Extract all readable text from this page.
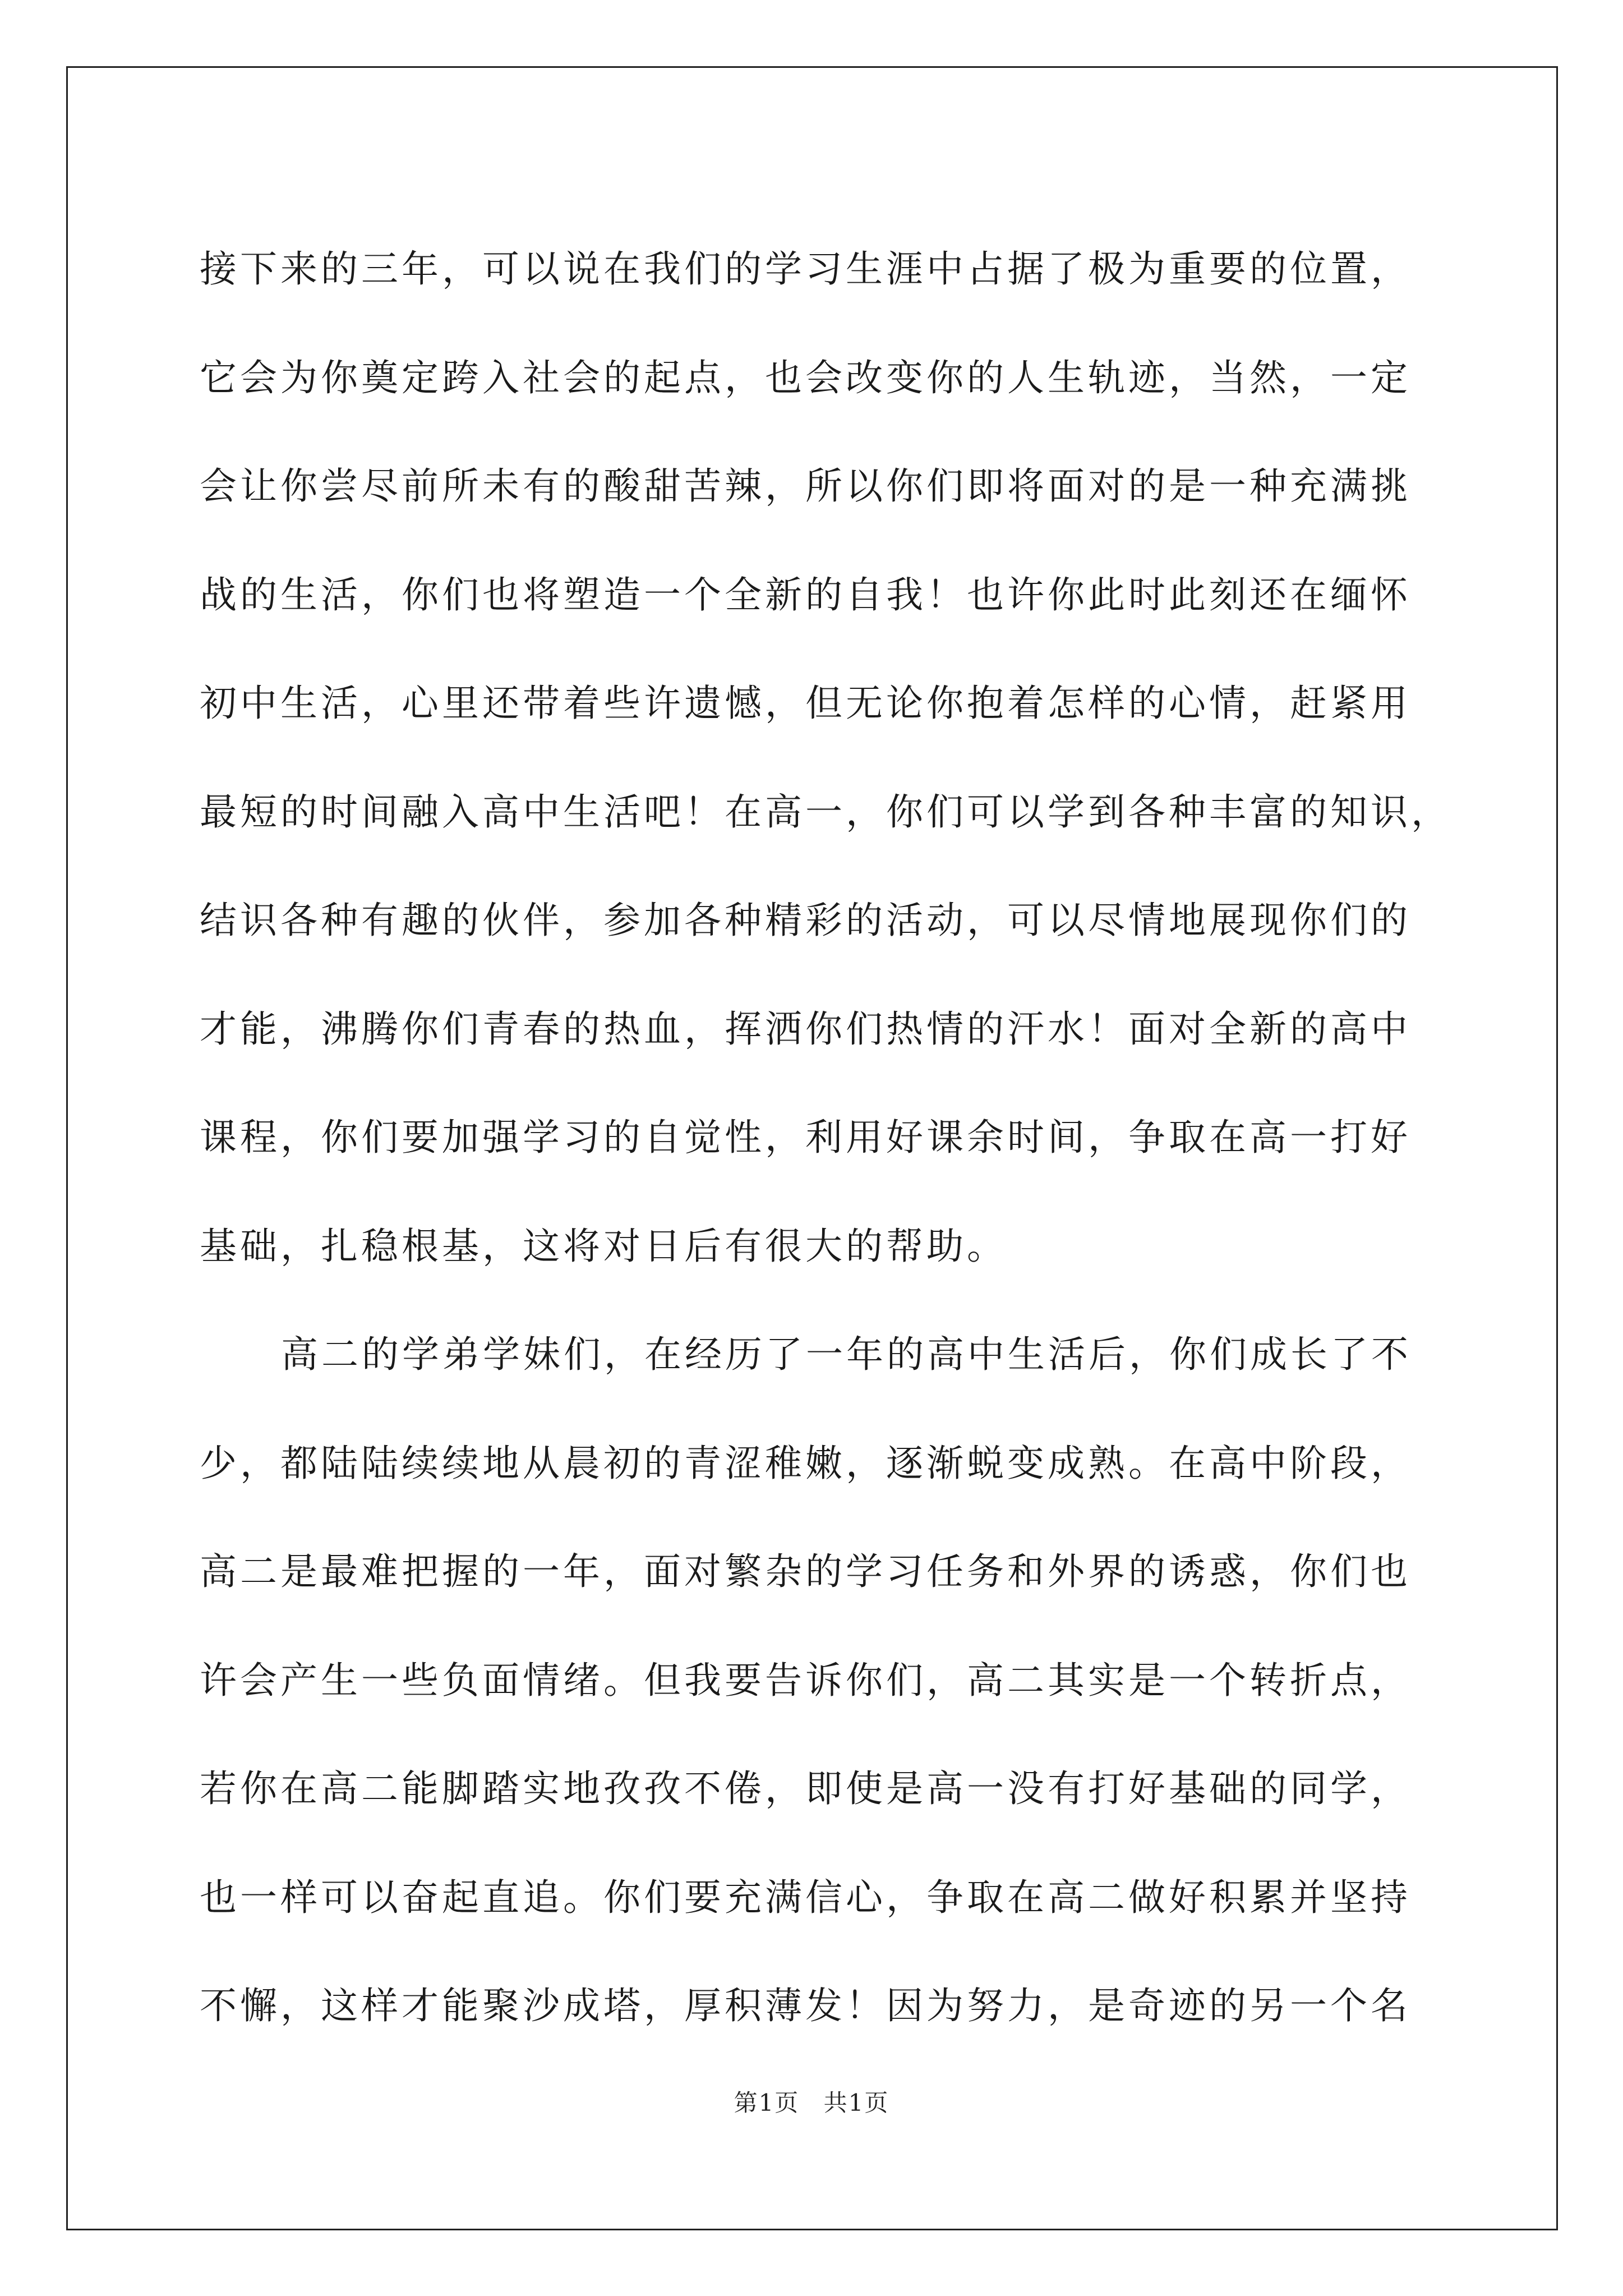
接下来的三年，可以说在我们的学习生涯中占据了极为重要的位置，
它会为你奠定跨入社会的起点，也会改变你的人生轨迹，当然，一定
会让你尝尽前所未有的酸甜苦辣，所以你们即将面对的是一种充满挑
战的生活，你们也将塑造一个全新的自我！也许你此时此刻还在缅怀
初中生活，心里还带着些许遗憾，但无论你抱着怎样的心情，赶紧用
最短的时间融入高中生活吧！在高一，你们可以学到各种丰富的知识，
结识各种有趣的伙伴，参加各种精彩的活动，可以尽情地展现你们的
才能，沸腾你们青春的热血，挥洒你们热情的汗水！面对全新的高中
课程，你们要加强学习的自觉性，利用好课余时间，争取在高一打好
基础，扎稳根基，这将对日后有很大的帮助。
高二的学弟学妹们，在经历了一年的高中生活后，你们成长了不
少，都陆陆续续地从晨初的青涩稚嫩，逐渐蜕变成熟。在高中阶段，
高二是最难把握的一年，面对繁杂的学习任务和外界的诱惑，你们也
许会产生一些负面情绪。但我要告诉你们，高二其实是一个转折点，
若你在高二能脚踏实地孜孜不倦，即使是高一没有打好基础的同学，
也一样可以奋起直追。你们要充满信心，争取在高二做好积累并坚持
不懈，这样才能聚沙成塔，厚积薄发！因为努力，是奇迹的另一个名
第1页 共1页
